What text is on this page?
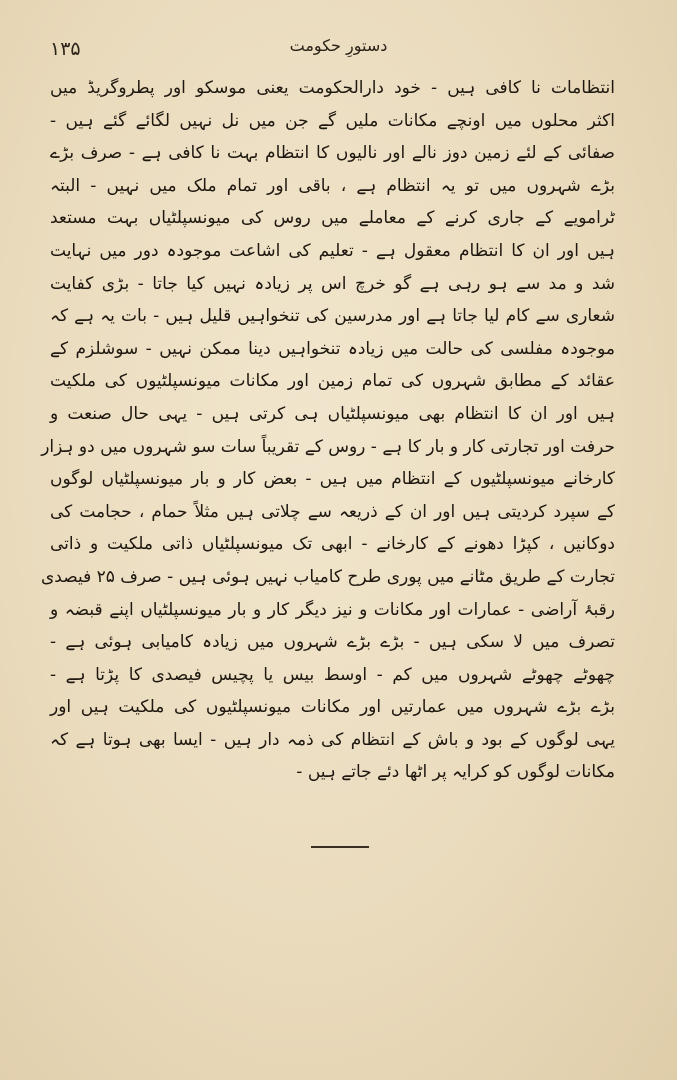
۱۳۵	دستورِ حکومت
انتظامات نا کافی ہیں - خود دارالحکومت یعنی موسکو اور پطروگریڈ میں
اکثر محلوں میں اونچے مکانات ملیں گے جن میں نل نہیں لگائے گئے ہیں -
صفائی کے لئے زمین دوز نالے اور نالیوں کا انتظام بہت نا کافی ہے - صرف بڑے
بڑے شہروں میں تو یہ انتظام ہے ، باقی اور تمام ملک میں نہیں - البتہ
ٹرامویے کے جاری کرنے کے معاملے میں روس کی میونسپلٹیاں بہت مستعد
ہیں اور ان کا انتظام معقول ہے - تعلیم کی اشاعت موجودہ دور میں نہایت
شد و مد سے ہو رہی ہے گو خرچ اس پر زیادہ نہیں کیا جاتا - بڑی کفایت
شعاری سے کام لیا جاتا ہے اور مدرسین کی تنخواہیں قلیل ہیں - بات یہ ہے کہ
موجودہ مفلسی کی حالت میں زیادہ تنخواہیں دینا ممکن نہیں - سوشلزم کے
عقائد کے مطابق شہروں کی تمام زمین اور مکانات میونسپلٹیوں کی ملکیت
ہیں اور ان کا انتظام بھی میونسپلٹیاں ہی کرتی ہیں - یہی حال صنعت و
حرفت اور تجارتی کار و بار کا ہے - روس کے تقریباً سات سو شہروں میں دو ہزار
کارخانے میونسپلٹیوں کے انتظام میں ہیں - بعض کار و بار میونسپلٹیاں لوگوں
کے سپرد کردیتی ہیں اور ان کے ذریعہ سے چلاتی ہیں مثلاً حمام ، حجامت کی
دوکانیں ، کپڑا دھونے کے کارخانے - ابھی تک میونسپلٹیاں ذاتی ملکیت و ذاتی
تجارت کے طریق مٹانے میں پوری طرح کامیاب نہیں ہوئی ہیں - صرف ۲۵ فیصدی
رقبۂ آراضی - عمارات اور مکانات و نیز دیگر کار و بار میونسپلٹیاں اپنے قبضہ و
تصرف میں لا سکی ہیں - بڑے بڑے شہروں میں زیادہ کامیابی ہوئی ہے -
چھوٹے چھوٹے شہروں میں کم - اوسط بیس یا پچیس فیصدی کا پڑتا ہے -
بڑے بڑے شہروں میں عمارتیں اور مکانات میونسپلٹیوں کی ملکیت ہیں اور
یہی لوگوں کے بود و باش کے انتظام کی ذمہ دار ہیں - ایسا بھی ہوتا ہے کہ
مکانات لوگوں کو کرایہ پر اٹھا دئے جاتے ہیں -
